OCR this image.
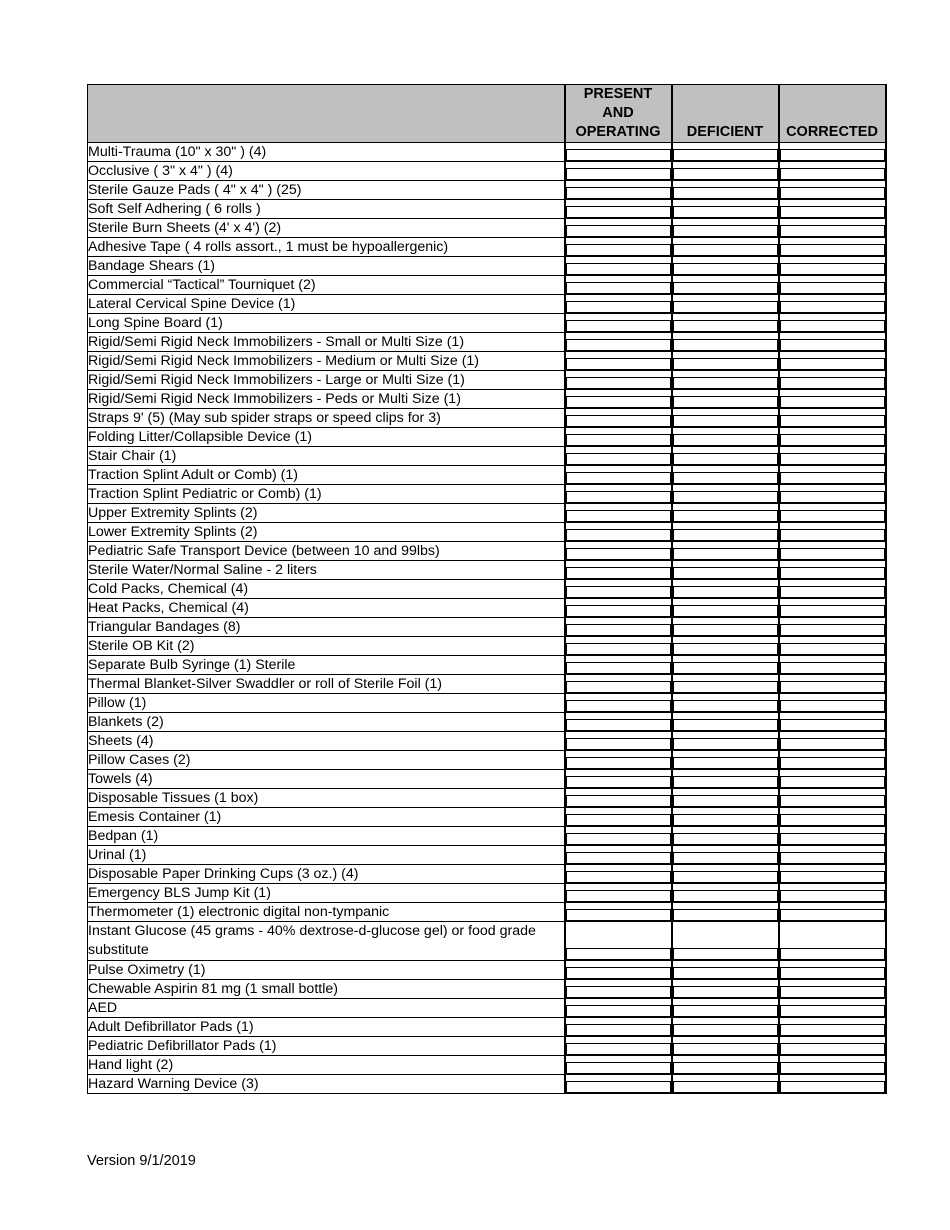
	PRESENT
AND
OPERATING	DEFICIENT	CORRECTED
Multi-Trauma (10" x 30" ) (4)	

Occlusive ( 3" x 4" ) (4)	

Sterile Gauze Pads ( 4" x 4" ) (25)	

Soft Self Adhering ( 6 rolls )	

Sterile Burn Sheets (4' x 4') (2)	

Adhesive Tape ( 4 rolls assort., 1 must be hypoallergenic)	

Bandage Shears (1)	

Commercial “Tactical” Tourniquet (2)	

Lateral Cervical Spine Device (1)	

Long Spine Board (1)	

Rigid/Semi Rigid Neck Immobilizers - Small or Multi Size (1)	

Rigid/Semi Rigid Neck Immobilizers - Medium or Multi Size (1)	

Rigid/Semi Rigid Neck Immobilizers - Large or Multi Size (1)	

Rigid/Semi Rigid Neck Immobilizers - Peds or Multi Size (1)	

Straps 9' (5) (May sub spider straps or speed clips for 3)	

Folding Litter/Collapsible Device (1)	

Stair Chair (1)	

Traction Splint Adult or Comb) (1)	

Traction Splint Pediatric or Comb) (1)	

Upper Extremity Splints (2)	

Lower Extremity Splints (2)	

Pediatric Safe Transport Device (between 10 and 99lbs)	

Sterile Water/Normal Saline - 2 liters	

Cold Packs, Chemical (4)	

Heat Packs, Chemical (4)	

Triangular Bandages (8)	

Sterile OB Kit (2)	

Separate Bulb Syringe (1) Sterile	

Thermal Blanket-Silver Swaddler or roll of Sterile Foil (1)	

Pillow (1)	

Blankets (2)	

Sheets (4)	

Pillow Cases (2)	

Towels (4)	

Disposable Tissues (1 box)	

Emesis Container (1)	

Bedpan (1)	

Urinal (1)	

Disposable Paper Drinking Cups (3 oz.) (4)	

Emergency BLS Jump Kit (1)	

Thermometer (1) electronic digital non-tympanic	

Instant Glucose (45 grams - 40% dextrose-d-glucose gel) or food grade substitute	

Pulse Oximetry (1)	

Chewable Aspirin 81 mg (1 small bottle)	

AED	

Adult Defibrillator Pads (1)	

Pediatric Defibrillator Pads (1)	

Hand light (2)	

Hazard Warning Device (3)	

Version 9/1/2019
